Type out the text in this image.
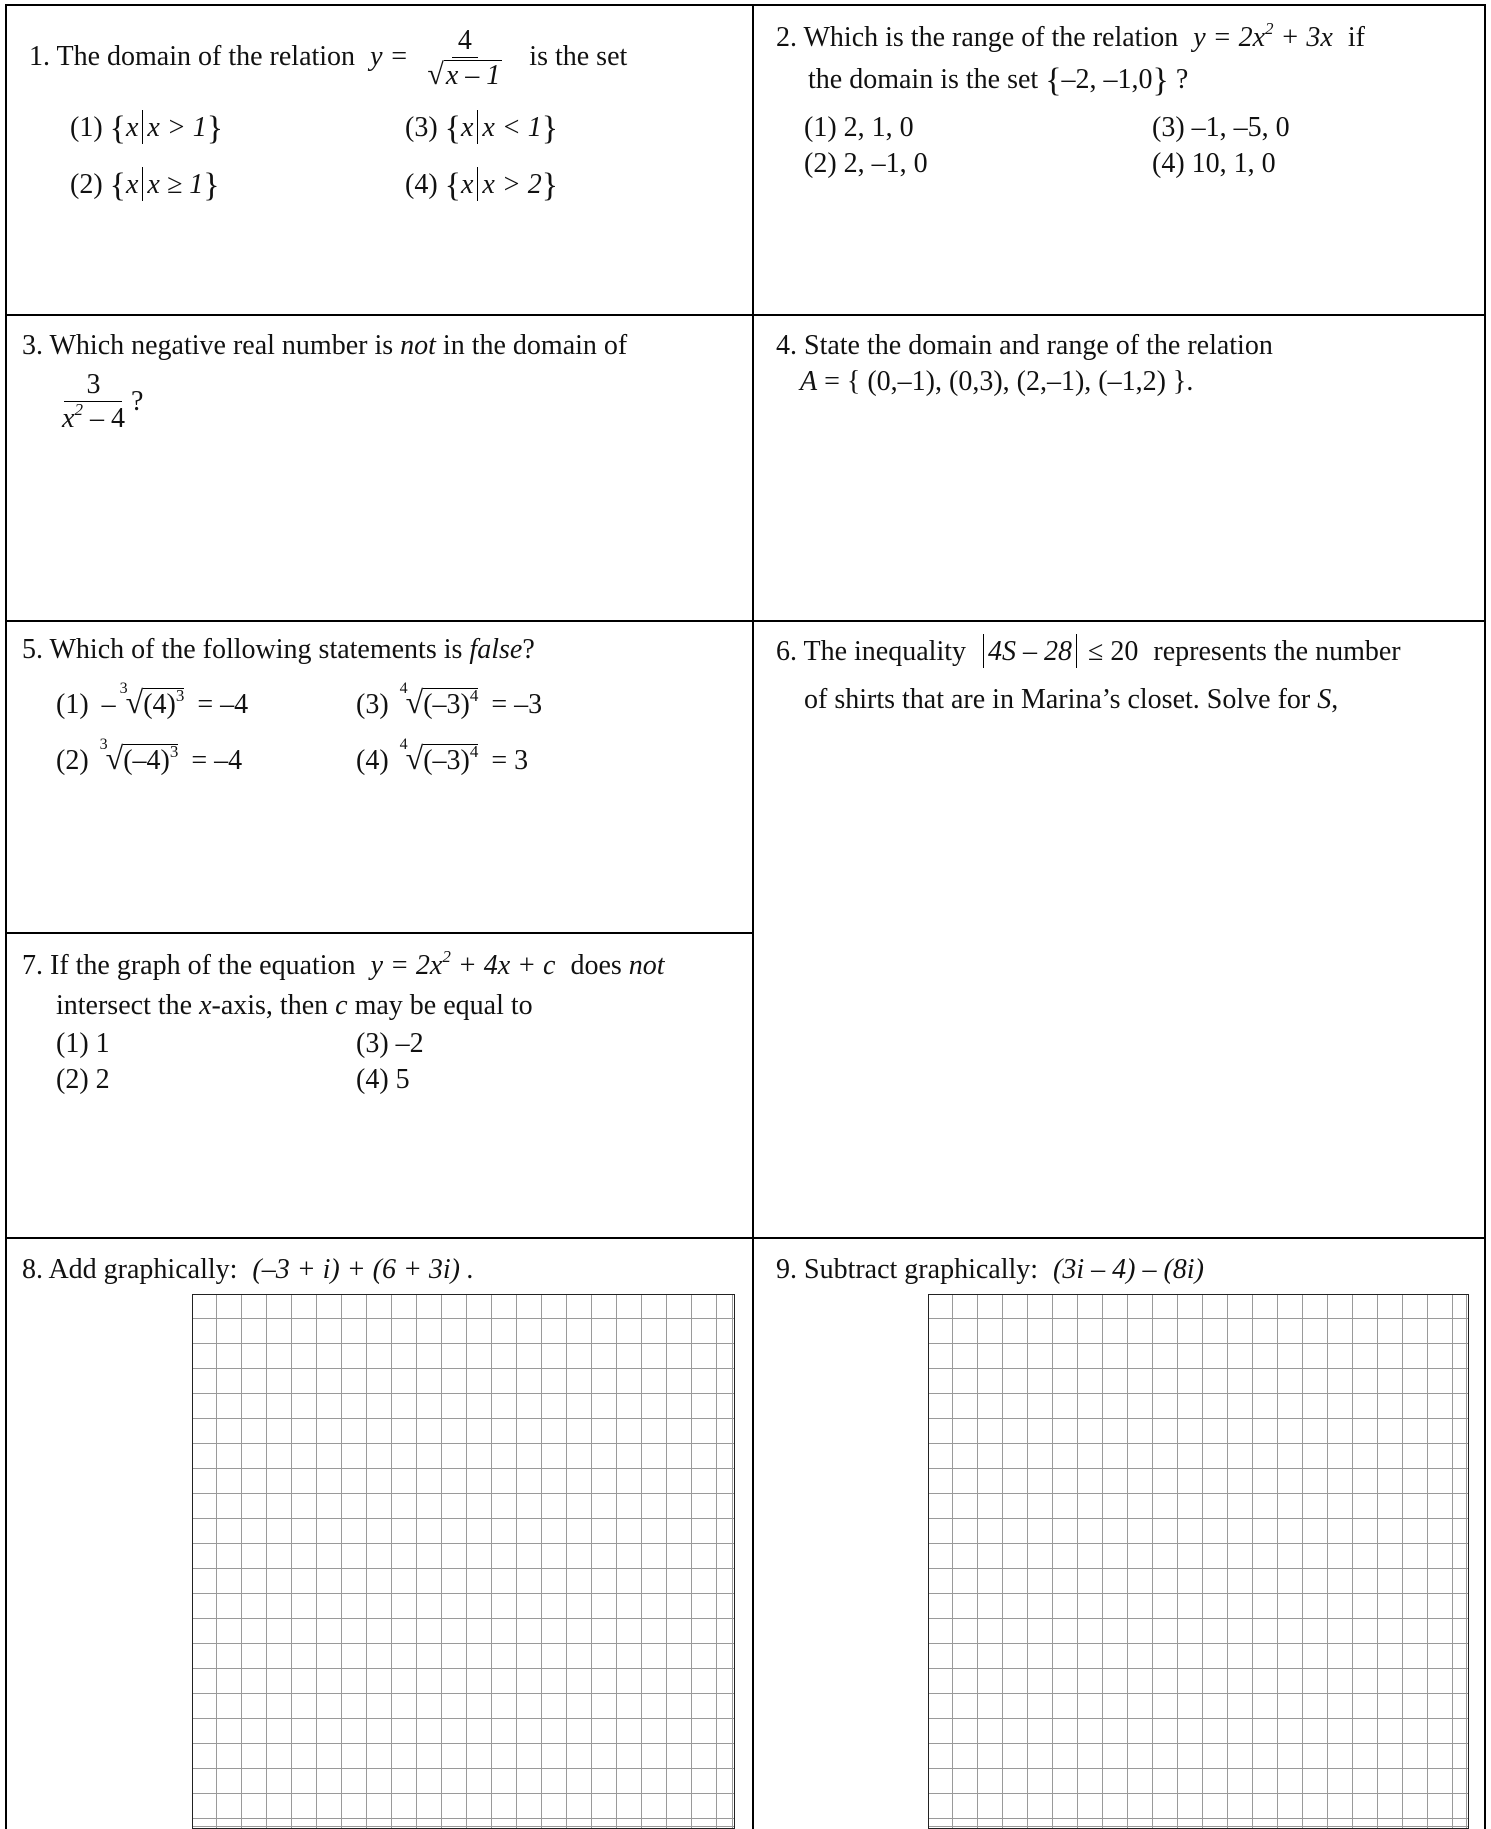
1. The domain of the relation $y = \frac{4}{√ x - 1}$ is the set
(1) {x x > 1}
(2) {x x ≥ 1}
(3) {x x < 1}
(4) {x x > 2}
2. Which is the range of the relation $y = 2x^2 + 3x$ if
the domain is the set {–2, –1,0} ?
(1) 2, 1, 0
(2) 2, –1, 0
(3) –1, –5, 0
(4) 10, 1, 0
3. Which negative real number is not in the domain of
$\frac{3}{x^2 - 4}$ ?
4. State the domain and range of the relation
A = { (0,–1), (0,3), (2,–1), (–1,2) }.
5. Which of the following statements is false?
(1) –
3
$√(4)^3 = -4$
(2)
3
$√(-4)^3 = -4$
(3)
4
$√(-3)^4 = -3$
(4)
4
$√(-3)^4 = 3$
6. The inequality 4S – 28 ≤ 20 represents the number
of shirts that are in Marina’s closet. Solve for S,
7. If the graph of the equation $y = 2x^2 + 4x + c$ does not
intersect the x-axis, then c may be equal to
(1) 1
(2) 2
(3) –2
(4) 5
8. Add graphically: (–3 + i) + (6 + 3i) .	9. Subtract graphically: (3i – 4) – (8i)
